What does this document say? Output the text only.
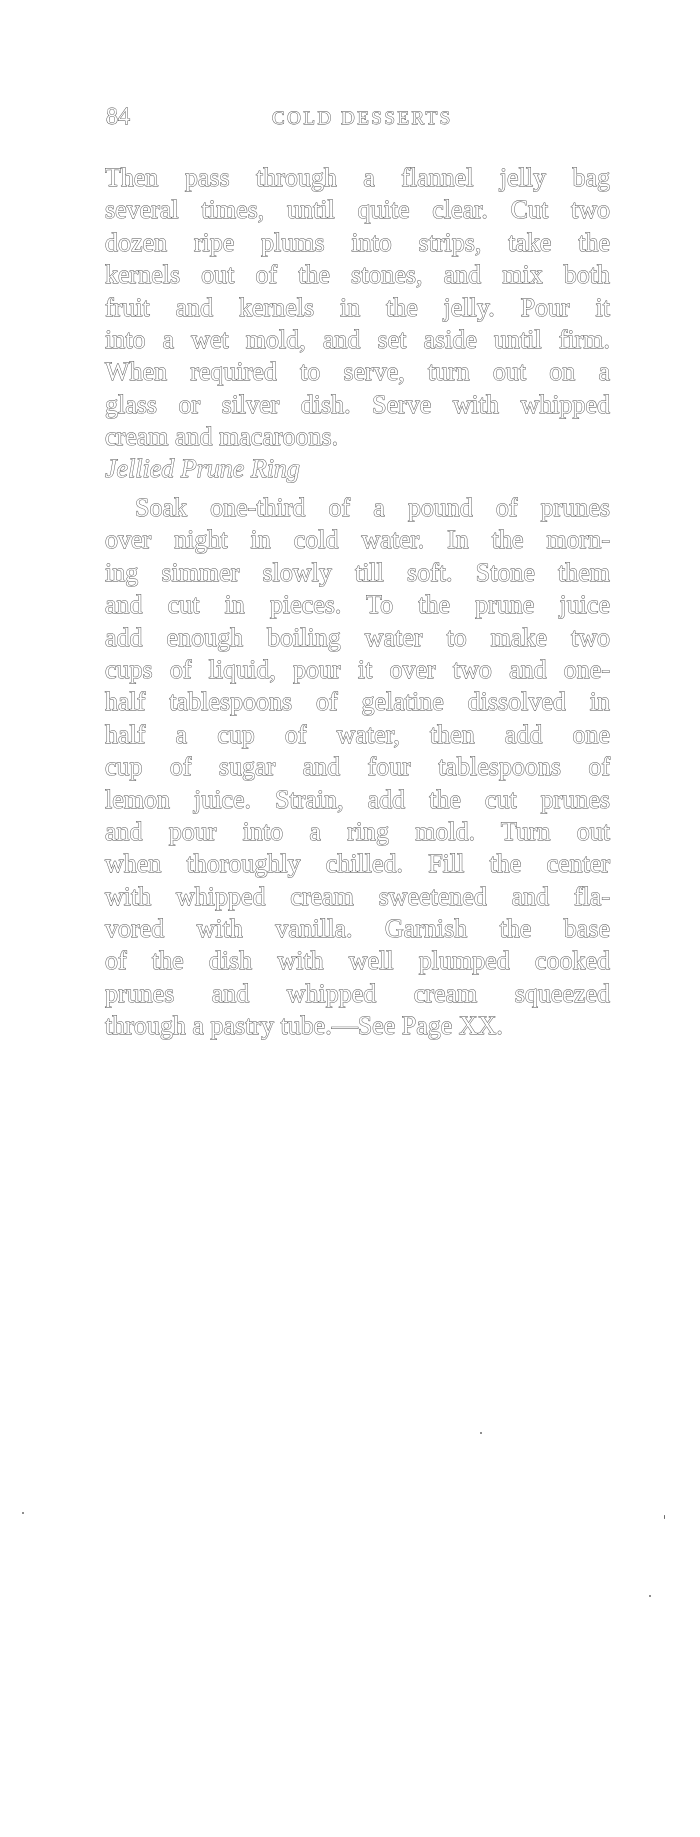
84	COLD DESSERTS
Then pass through a flannel jelly bag
several times, until quite clear. Cut two
dozen ripe plums into strips, take the
kernels out of the stones, and mix both
fruit and kernels in the jelly. Pour it
into a wet mold, and set aside until firm.
When required to serve, turn out on a
glass or silver dish. Serve with whipped
cream and macaroons.
Jellied Prune Ring
Soak one-third of a pound of prunes
over night in cold water. In the morn-
ing simmer slowly till soft. Stone them
and cut in pieces. To the prune juice
add enough boiling water to make two
cups of liquid, pour it over two and one-
half tablespoons of gelatine dissolved in
half a cup of water, then add one
cup of sugar and four tablespoons of
lemon juice. Strain, add the cut prunes
and pour into a ring mold. Turn out
when thoroughly chilled. Fill the center
with whipped cream sweetened and fla-
vored with vanilla. Garnish the base
of the dish with well plumped cooked
prunes and whipped cream squeezed
through a pastry tube.—See Page XX.
